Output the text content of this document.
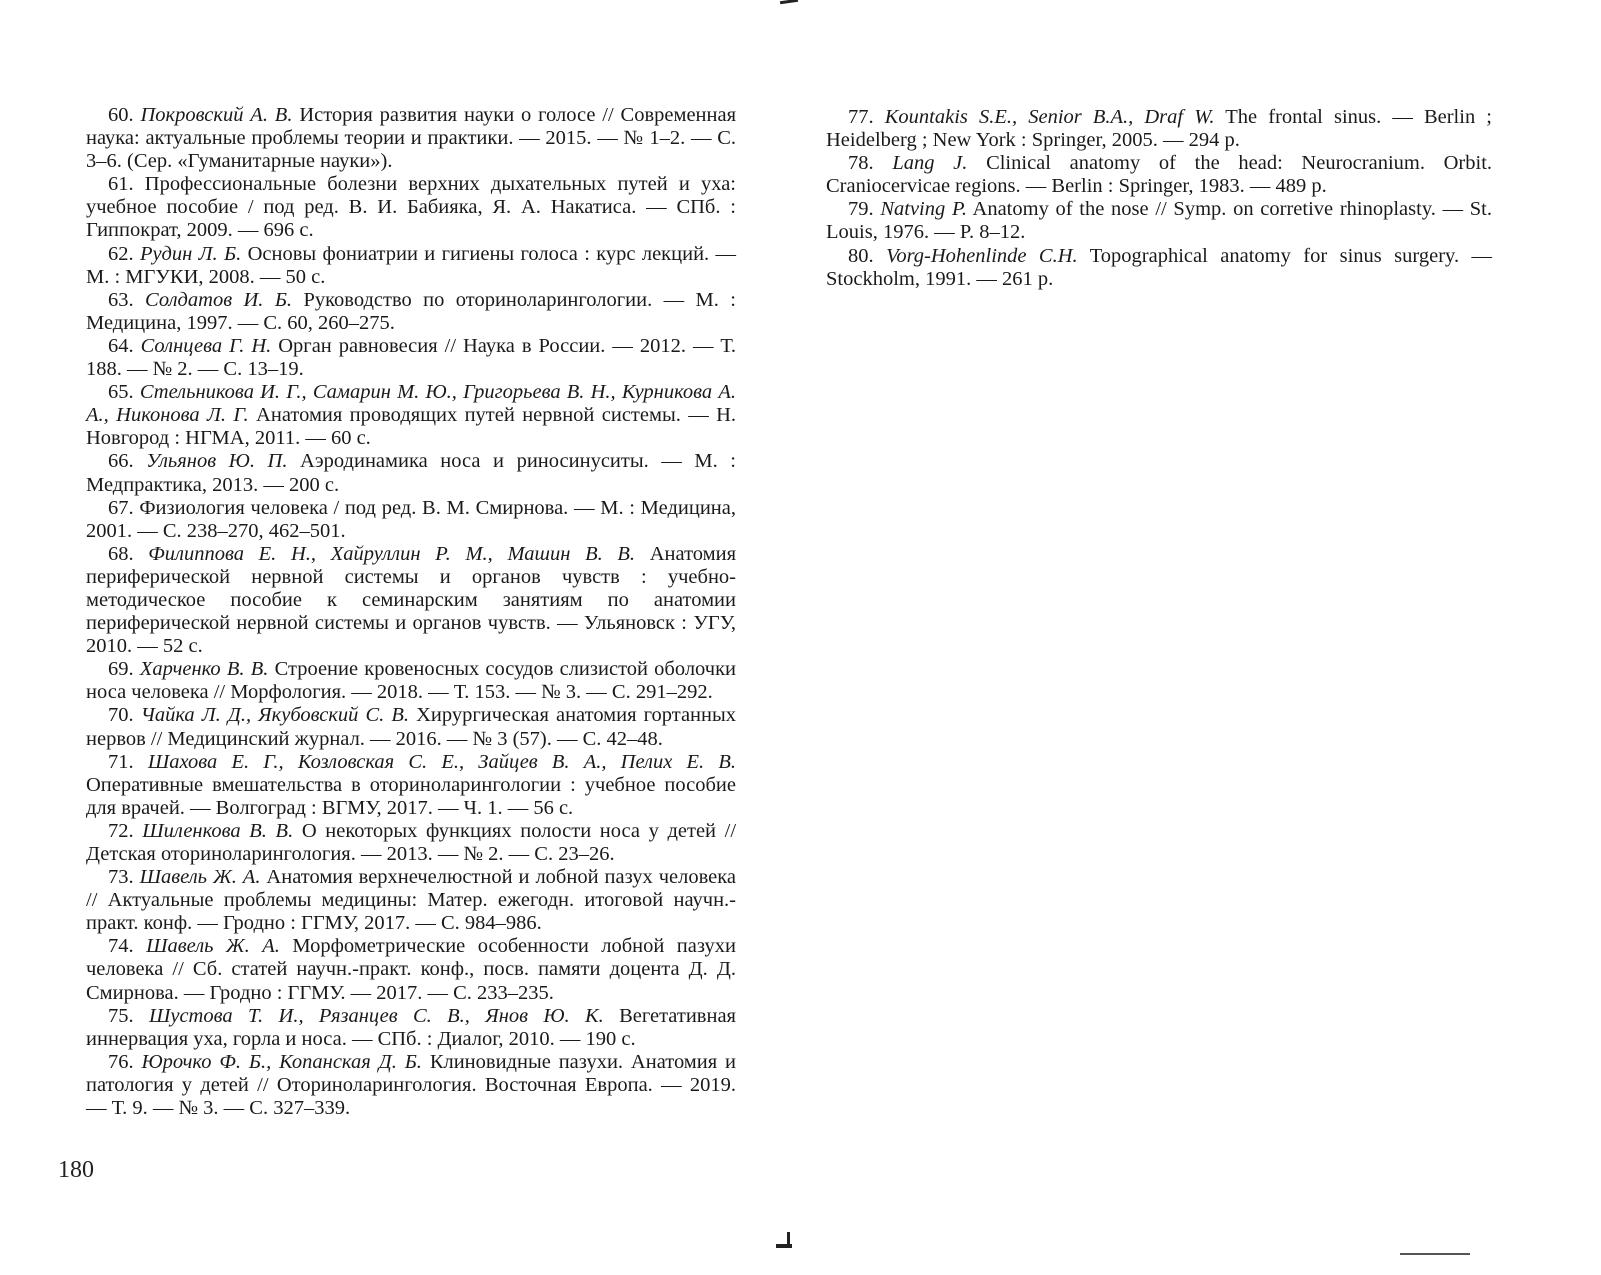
60. Покровский А. В. История развития науки о голосе // Современная наука: актуальные проблемы теории и практики. — 2015. — № 1–2. — С. 3–6. (Сер. «Гуманитарные науки»).

61. Профессиональные болезни верхних дыхательных путей и уха: учебное пособие / под ред. В. И. Бабияка, Я. А. Накатиса. — СПб. : Гиппократ, 2009. — 696 с.

62. Рудин Л. Б. Основы фониатрии и гигиены голоса : курс лекций. — М. : МГУКИ, 2008. — 50 с.

63. Солдатов И. Б. Руководство по оториноларингологии. — М. : Медицина, 1997. — С. 60, 260–275.

64. Солнцева Г. Н. Орган равновесия // Наука в России. — 2012. — Т. 188. — № 2. — С. 13–19.

65. Стельникова И. Г., Самарин М. Ю., Григорьева В. Н., Курникова А. А., Никонова Л. Г. Анатомия проводящих путей нервной системы. — Н. Новгород : НГМА, 2011. — 60 с.

66. Ульянов Ю. П. Аэродинамика носа и риносинуситы. — М. : Медпрактика, 2013. — 200 с.

67. Физиология человека / под ред. В. М. Смирнова. — М. : Медицина, 2001. — С. 238–270, 462–501.

68. Филиппова Е. Н., Хайруллин Р. М., Машин В. В. Анатомия периферической нервной системы и органов чувств : учебно-методическое пособие к семинарским занятиям по анатомии периферической нервной системы и органов чувств. — Ульяновск : УГУ, 2010. — 52 с.

69. Харченко В. В. Строение кровеносных сосудов слизистой оболочки носа человека // Морфология. — 2018. — Т. 153. — № 3. — С. 291–292.

70. Чайка Л. Д., Якубовский С. В. Хирургическая анатомия гортанных нервов // Медицинский журнал. — 2016. — № 3 (57). — С. 42–48.

71. Шахова Е. Г., Козловская С. Е., Зайцев В. А., Пелих Е. В. Оперативные вмешательства в оториноларингологии : учебное пособие для врачей. — Волгоград : ВГМУ, 2017. — Ч. 1. — 56 с.

72. Шиленкова В. В. О некоторых функциях полости носа у детей // Детская оториноларингология. — 2013. — № 2. — С. 23–26.

73. Шавель Ж. А. Анатомия верхнечелюстной и лобной пазух человека // Актуальные проблемы медицины: Матер. ежегодн. итоговой научн.-практ. конф. — Гродно : ГГМУ, 2017. — С. 984–986.

74. Шавель Ж. А. Морфометрические особенности лобной пазухи человека // Сб. статей научн.-практ. конф., посв. памяти доцента Д. Д. Смирнова. — Гродно : ГГМУ. — 2017. — С. 233–235.

75. Шустова Т. И., Рязанцев С. В., Янов Ю. К. Вегетативная иннервация уха, горла и носа. — СПб. : Диалог, 2010. — 190 с.

76. Юрочко Ф. Б., Копанская Д. Б. Клиновидные пазухи. Анатомия и патология у детей // Оториноларингология. Восточная Европа. — 2019. — Т. 9. — № 3. — С. 327–339.

180

77. Kountakis S.E., Senior B.A., Draf W. The frontal sinus. — Berlin ; Heidelberg ; New York : Springer, 2005. — 294 p.

78. Lang J. Clinical anatomy of the head: Neurocranium. Orbit. Craniocervicae regions. — Berlin : Springer, 1983. — 489 p.

79. Natving P. Anatomy of the nose // Symp. on corretive rhinoplasty. — St. Louis, 1976. — P. 8–12.

80. Vorg-Hohenlinde C.H. Topographical anatomy for sinus surgery. — Stockholm, 1991. — 261 p.
